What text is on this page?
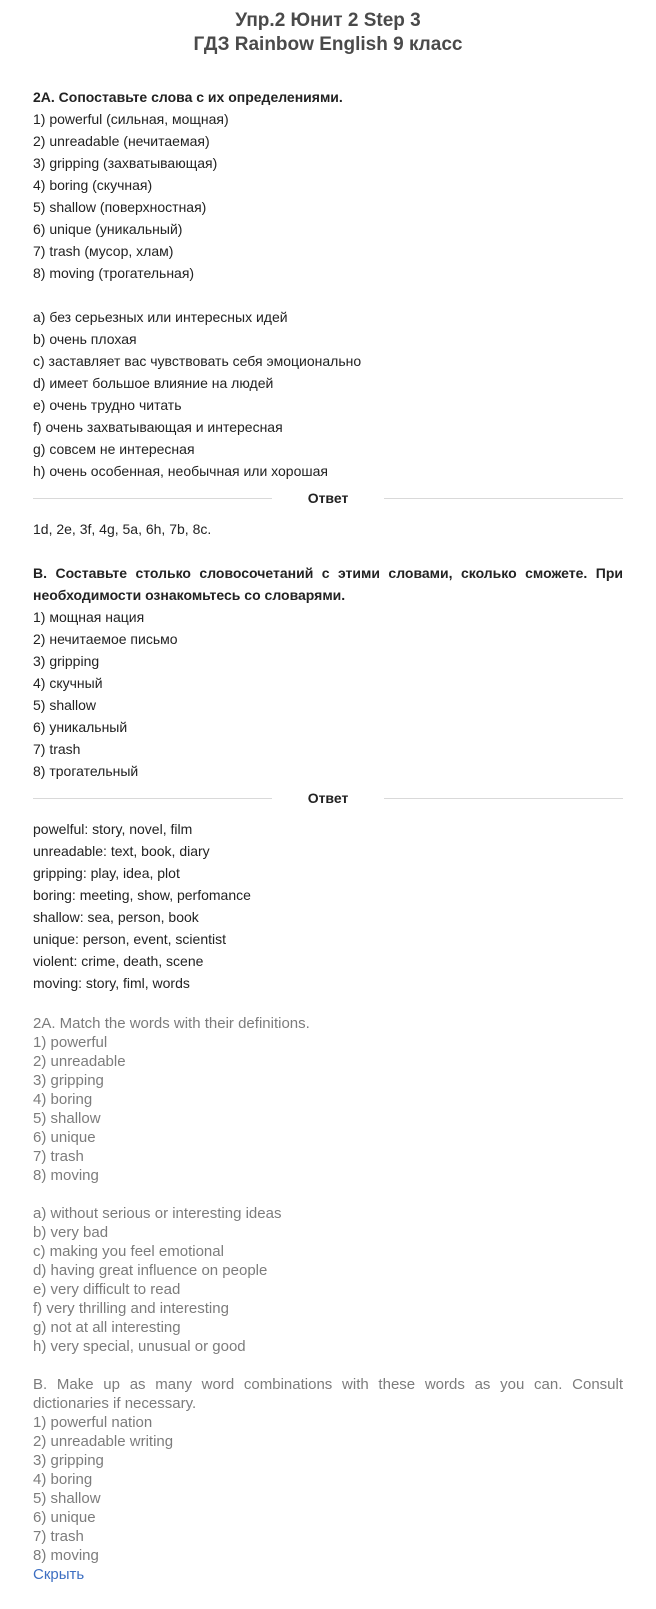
Упр.2 Юнит 2 Step 3
ГДЗ Rainbow English 9 класс

2A. Сопоставьте слова с их определениями.

1) powerful (сильная, мощная)

2) unreadable (нечитаемая)

3) gripping (захватывающая)

4) boring (скучная)

5) shallow (поверхностная)

6) unique (уникальный)

7) trash (мусор, хлам)

8) moving (трогательная)

a) без серьезных или интересных идей

b) очень плохая

c) заставляет вас чувствовать себя эмоционально

d) имеет большое влияние на людей

e) очень трудно читать

f) очень захватывающая и интересная

g) совсем не интересная

h) очень особенная, необычная или хорошая

Ответ

1d, 2e, 3f, 4g, 5a, 6h, 7b, 8c.

B. Составьте столько словосочетаний с этими словами, сколько сможете. При необходимости ознакомьтесь со словарями.

1) мощная нация

2) нечитаемое письмо

3) gripping

4) скучный

5) shallow

6) уникальный

7) trash

8) трогательный

Ответ

powelful: story, novel, film

unreadable: text, book, diary

gripping: play, idea, plot

boring: meeting, show, perfomance

shallow: sea, person, book

unique: person, event, scientist

violent: crime, death, scene

moving: story, fiml, words

2A. Match the words with their definitions.

1) powerful

2) unreadable

3) gripping

4) boring

5) shallow

6) unique

7) trash

8) moving

a) without serious or interesting ideas

b) very bad

c) making you feel emotional

d) having great influence on people

e) very difficult to read

f) very thrilling and interesting

g) not at all interesting

h) very special, unusual or good

B. Make up as many word combinations with these words as you can. Consult dictionaries if necessary.

1) powerful nation

2) unreadable writing

3) gripping

4) boring

5) shallow

6) unique

7) trash

8) moving

Скрыть
